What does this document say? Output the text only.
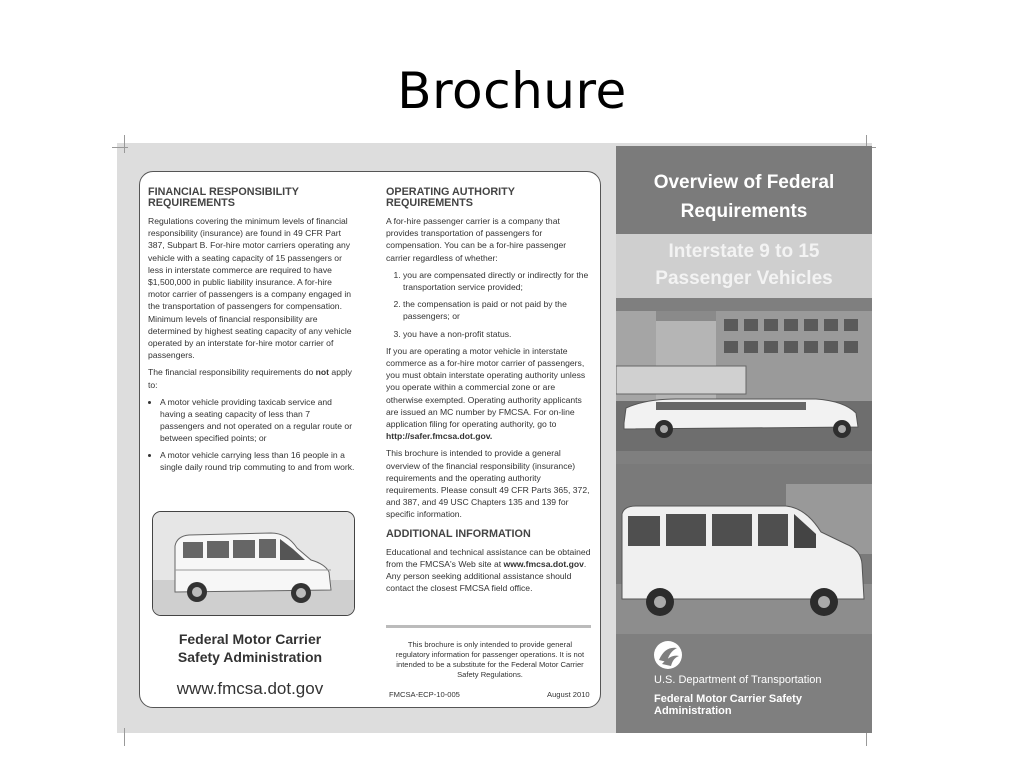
Brochure
FINANCIAL RESPONSIBILITY REQUIREMENTS

Regulations covering the minimum levels of financial responsibility (insurance) are found in 49 CFR Part 387, Subpart B. For-hire motor carriers operating any vehicle with a seating capacity of 15 passengers or less in interstate commerce are required to have $1,500,000 in public liability insurance. A for-hire motor carrier of passengers is a company engaged in the transportation of passengers for compensation. Minimum levels of financial responsibility are determined by highest seating capacity of any vehicle operated by an interstate for-hire motor carrier of passengers.

The financial responsibility requirements do not apply to:

• A motor vehicle providing taxicab service and having a seating capacity of less than 7 passengers and not operated on a regular route or between specified points; or
• A motor vehicle carrying less than 16 people in a single daily round trip commuting to and from work.
Federal Motor Carrier
Safety Administration
www.fmcsa.dot.gov
OPERATING AUTHORITY REQUIREMENTS

A for-hire passenger carrier is a company that provides transportation of passengers for compensation. You can be a for-hire passenger carrier regardless of whether:

1. you are compensated directly or indirectly for the transportation service provided;
2. the compensation is paid or not paid by the passengers; or
3. you have a non-profit status.

If you are operating a motor vehicle in interstate commerce as a for-hire motor carrier of passengers, you must obtain interstate operating authority unless you operate within a commercial zone or are otherwise exempted. Operating authority applicants are issued an MC number by FMCSA. For on-line application filing for operating authority, go to http://safer.fmcsa.dot.gov.

This brochure is intended to provide a general overview of the financial responsibility (insurance) requirements and the operating authority requirements. Please consult 49 CFR Parts 365, 372, and 387, and 49 USC Chapters 135 and 139 for specific information.

ADDITIONAL INFORMATION

Educational and technical assistance can be obtained from the FMCSA's Web site at www.fmcsa.dot.gov. Any person seeking additional assistance should contact the closest FMCSA field office.

This brochure is only intended to provide general regulatory information for passenger operations. It is not intended to be a substitute for the Federal Motor Carrier Safety Regulations.
FMCSA-ECP-10-005	August 2010
Overview of Federal
Requirements
Interstate 9 to 15
Passenger Vehicles
U.S. Department of Transportation
Federal Motor Carrier Safety
Administration
